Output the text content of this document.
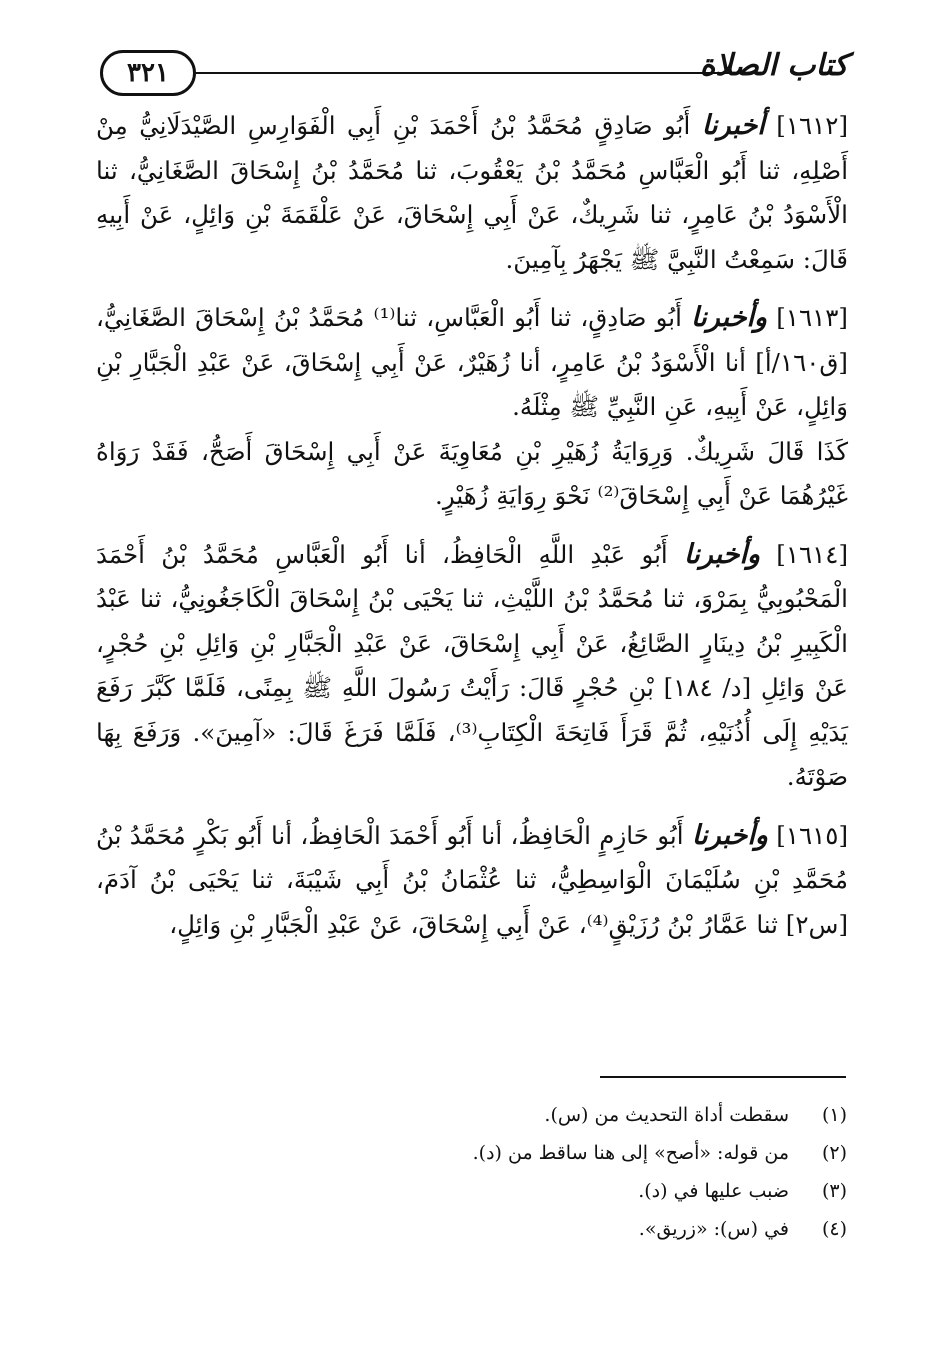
كتاب الصلاة
٣٢١

[١٦١٢] أخبرنا أَبُو صَادِقٍ مُحَمَّدُ بْنُ أَحْمَدَ بْنِ أَبِي الْفَوَارِسِ الصَّيْدَلَانِيُّ مِنْ أَصْلِهِ، ثنا أَبُو الْعَبَّاسِ مُحَمَّدُ بْنُ يَعْقُوبَ، ثنا مُحَمَّدُ بْنُ إِسْحَاقَ الصَّغَانِيُّ، ثنا الْأَسْوَدُ بْنُ عَامِرٍ، ثنا شَرِيكٌ، عَنْ أَبِي إِسْحَاقَ، عَنْ عَلْقَمَةَ بْنِ وَائِلٍ، عَنْ أَبِيهِ قَالَ: سَمِعْتُ النَّبِيَّ ﷺ يَجْهَرُ بِآمِينَ.

[١٦١٣] وأخبرنا أَبُو صَادِقٍ، ثنا أَبُو الْعَبَّاسِ، ثنا⁽¹⁾ مُحَمَّدُ بْنُ إِسْحَاقَ الصَّغَانِيُّ، [ق١٦٠/أ] أنا الْأَسْوَدُ بْنُ عَامِرٍ، أنا زُهَيْرٌ، عَنْ أَبِي إِسْحَاقَ، عَنْ عَبْدِ الْجَبَّارِ بْنِ وَائِلٍ، عَنْ أَبِيهِ، عَنِ النَّبِيِّ ﷺ مِثْلَهُ.

كَذَا قَالَ شَرِيكٌ. وَرِوَايَةُ زُهَيْرِ بْنِ مُعَاوِيَةَ عَنْ أَبِي إِسْحَاقَ أَصَحُّ، فَقَدْ رَوَاهُ غَيْرُهُمَا عَنْ أَبِي إِسْحَاقَ⁽²⁾ نَحْوَ رِوَايَةِ زُهَيْرٍ.

[١٦١٤] وأخبرنا أَبُو عَبْدِ اللَّهِ الْحَافِظُ، أنا أَبُو الْعَبَّاسِ مُحَمَّدُ بْنُ أَحْمَدَ الْمَحْبُوبِيُّ بِمَرْوَ، ثنا مُحَمَّدُ بْنُ اللَّيْثِ، ثنا يَحْيَى بْنُ إِسْحَاقَ الْكَاجَغُونِيُّ، ثنا عَبْدُ الْكَبِيرِ بْنُ دِينَارٍ الصَّائِغُ، عَنْ أَبِي إِسْحَاقَ، عَنْ عَبْدِ الْجَبَّارِ بْنِ وَائِلِ بْنِ حُجْرٍ، عَنْ وَائِلِ [د/ ١٨٤] بْنِ حُجْرٍ قَالَ: رَأَيْتُ رَسُولَ اللَّهِ ﷺ بِمِنًى، فَلَمَّا كَبَّرَ رَفَعَ يَدَيْهِ إِلَى أُذُنَيْهِ، ثُمَّ قَرَأَ فَاتِحَةَ الْكِتَابِ⁽³⁾، فَلَمَّا فَرَغَ قَالَ: «آمِينَ». وَرَفَعَ بِهَا صَوْتَهُ.

[١٦١٥] وأخبرنا أَبُو حَازِمٍ الْحَافِظُ، أنا أَبُو أَحْمَدَ الْحَافِظُ، أنا أَبُو بَكْرٍ مُحَمَّدُ بْنُ مُحَمَّدِ بْنِ سُلَيْمَانَ الْوَاسِطِيُّ، ثنا عُثْمَانُ بْنُ أَبِي شَيْبَةَ، ثنا يَحْيَى بْنُ آدَمَ، [س٢] ثنا عَمَّارُ بْنُ رُزَيْقٍ⁽⁴⁾، عَنْ أَبِي إِسْحَاقَ، عَنْ عَبْدِ الْجَبَّارِ بْنِ وَائِلٍ،

(١)
سقطت أداة التحديث من (س).
(٢)
من قوله: «أصح» إلى هنا ساقط من (د).
(٣)
ضبب عليها في (د).
(٤)
في (س): «زريق».
